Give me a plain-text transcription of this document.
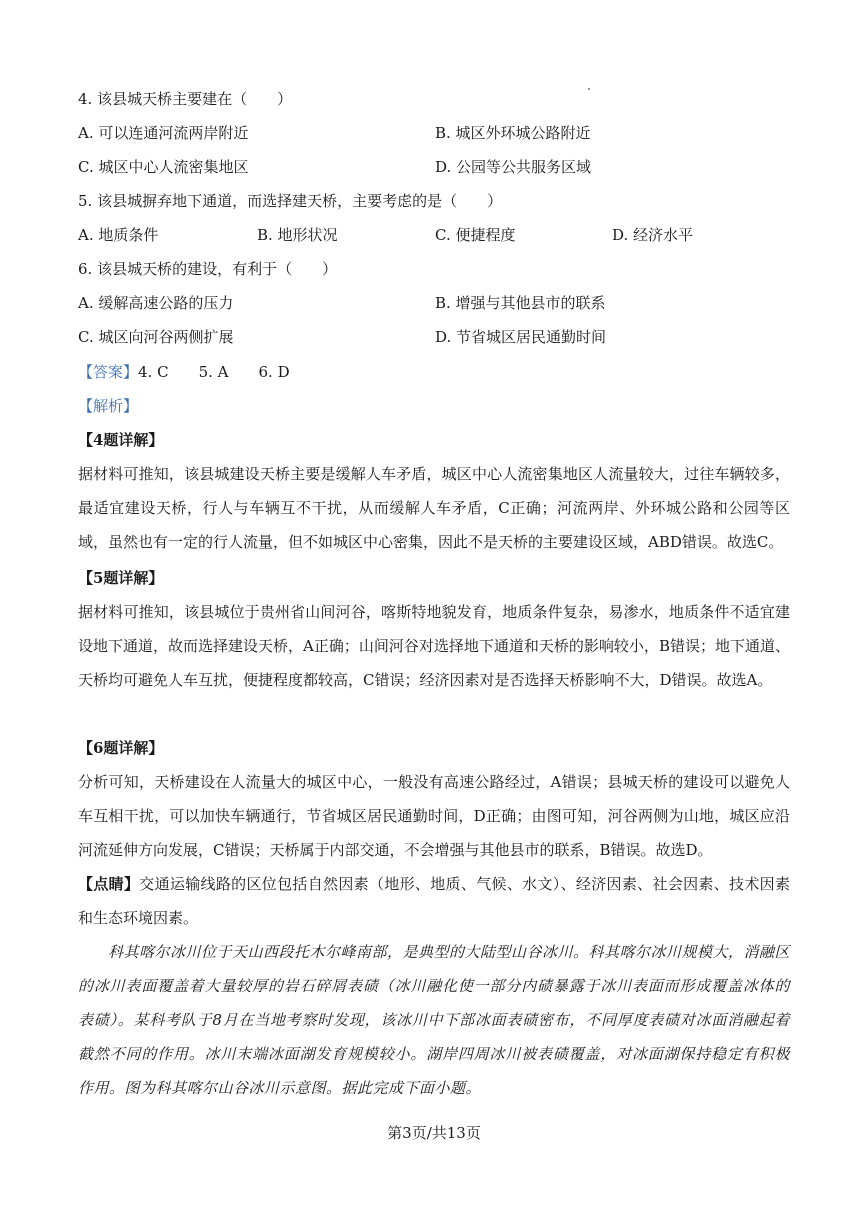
4. 该县城天桥主要建在（　　）
A. 可以连通河流两岸附近	B. 城区外环城公路附近
C. 城区中心人流密集地区	D. 公园等公共服务区域
5. 该县城摒弃地下通道，而选择建天桥，主要考虑的是（　　）
A. 地质条件	B. 地形状况	C. 便捷程度	D. 经济水平
6. 该县城天桥的建设，有利于（　　）
A. 缓解高速公路的压力	B. 增强与其他县市的联系
C. 城区向河谷两侧扩展	D. 节省城区居民通勤时间
【答案】4. C　　5. A　　6. D
【解析】
【4题详解】
据材料可推知，该县城建设天桥主要是缓解人车矛盾，城区中心人流密集地区人流量较大，过往车辆较多，最适宜建设天桥，行人与车辆互不干扰，从而缓解人车矛盾，C正确；河流两岸、外环城公路和公园等区域，虽然也有一定的行人流量，但不如城区中心密集，因此不是天桥的主要建设区域，ABD错误。故选C。
【5题详解】
据材料可推知，该县城位于贵州省山间河谷，喀斯特地貌发育，地质条件复杂，易渗水，地质条件不适宜建设地下通道，故而选择建设天桥，A正确；山间河谷对选择地下通道和天桥的影响较小，B错误；地下通道、天桥均可避免人车互扰，便捷程度都较高，C错误；经济因素对是否选择天桥影响不大，D错误。故选A。
【6题详解】
分析可知，天桥建设在人流量大的城区中心，一般没有高速公路经过，A错误；县城天桥的建设可以避免人车互相干扰，可以加快车辆通行，节省城区居民通勤时间，D正确；由图可知，河谷两侧为山地，城区应沿河流延伸方向发展，C错误；天桥属于内部交通，不会增强与其他县市的联系，B错误。故选D。
【点睛】交通运输线路的区位包括自然因素（地形、地质、气候、水文）、经济因素、社会因素、技术因素和生态环境因素。
科其喀尔冰川位于天山西段托木尔峰南部，是典型的大陆型山谷冰川。科其喀尔冰川规模大，消融区的冰川表面覆盖着大量较厚的岩石碎屑表碛（冰川融化使一部分内碛暴露于冰川表面而形成覆盖冰体的表碛）。某科考队于8月在当地考察时发现，该冰川中下部冰面表碛密布，不同厚度表碛对冰面消融起着截然不同的作用。冰川末端冰面湖发育规模较小。湖岸四周冰川被表碛覆盖，对冰面湖保持稳定有积极作用。图为科其喀尔山谷冰川示意图。据此完成下面小题。
第3页/共13页
